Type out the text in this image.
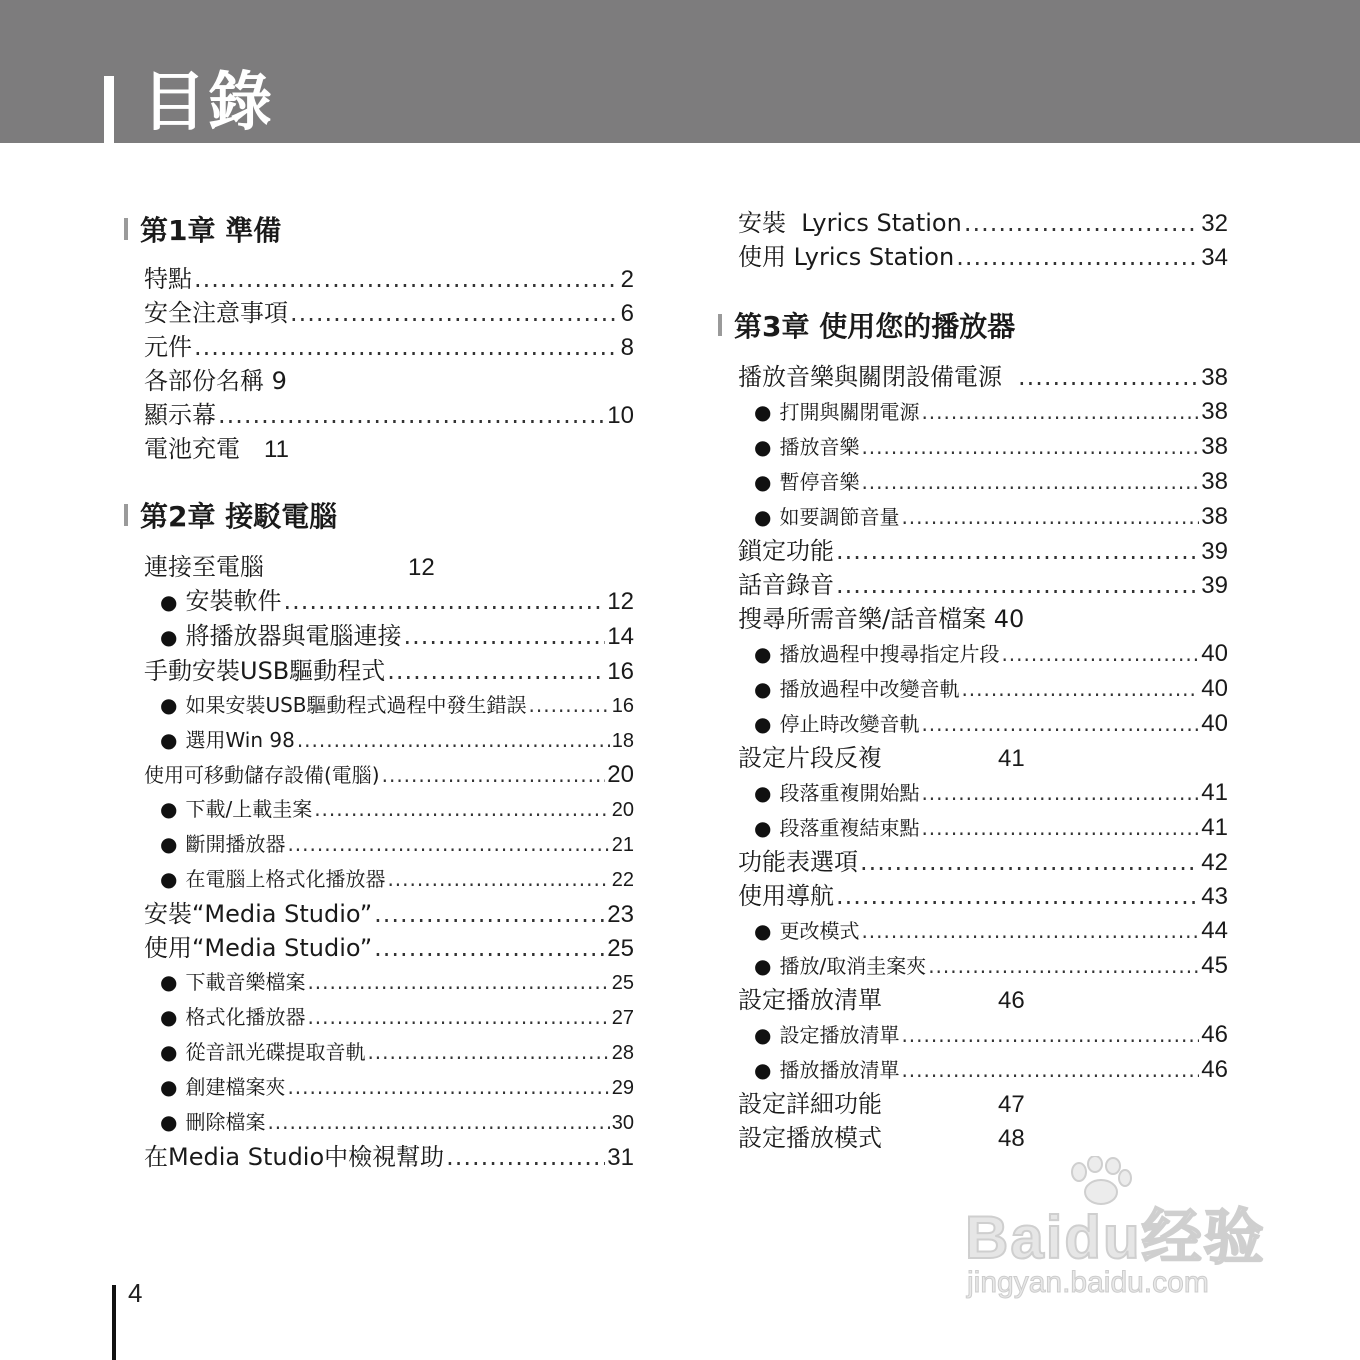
目錄
第1章 準備
特點 .....	2
安全注意事項 .....	6
元件 .....	8
各部份名稱 9
顯示幕 .....	10
電池充電 11
第2章 接駁電腦
連接至電腦	12
● 安裝軟件 .....	12
● 將播放器與電腦連接 .....	14
手動安裝USB驅動程式 .....	16
● 如果安裝USB驅動程式過程中發生錯誤 .....	16
● 選用Win 98 .....	18
使用可移動儲存設備(電腦) .....	20
● 下載/上載圭案 .....	20
● 斷開播放器 .....	21
● 在電腦上格式化播放器 .....	22
安裝“Media Studio” .....	23
使用“Media Studio” .....	25
● 下載音樂檔案 .....	25
● 格式化播放器 .....	27
● 從音訊光碟提取音軌 .....	28
● 創建檔案夾 .....	29
● 刪除檔案 .....	30
在Media Studio中檢視幫助 .....	31
安裝  Lyrics Station .....	32
使用 Lyrics Station .....	34
第3章 使用您的播放器
播放音樂與關閉設備電源 .....	38
● 打開與關閉電源 .....	38
● 播放音樂 .....	38
● 暫停音樂 .....	38
● 如要調節音量 .....	38
鎖定功能 .....	39
話音錄音 .....	39
搜尋所需音樂/話音檔案 40
● 播放過程中搜尋指定片段 .....	40
● 播放過程中改變音軌 .....	40
● 停止時改變音軌 .....	40
設定片段反複	41
● 段落重複開始點 .....	41
● 段落重複結束點 .....	41
功能表選項 .....	42
使用導航 .....	43
● 更改模式 .....	44
● 播放/取消圭案夾 .....	45
設定播放清單	46
● 設定播放清單 .....	46
● 播放播放清單 .....	46
設定詳細功能	47
設定播放模式	48
4
Baidu经验
jingyan.baidu.com
